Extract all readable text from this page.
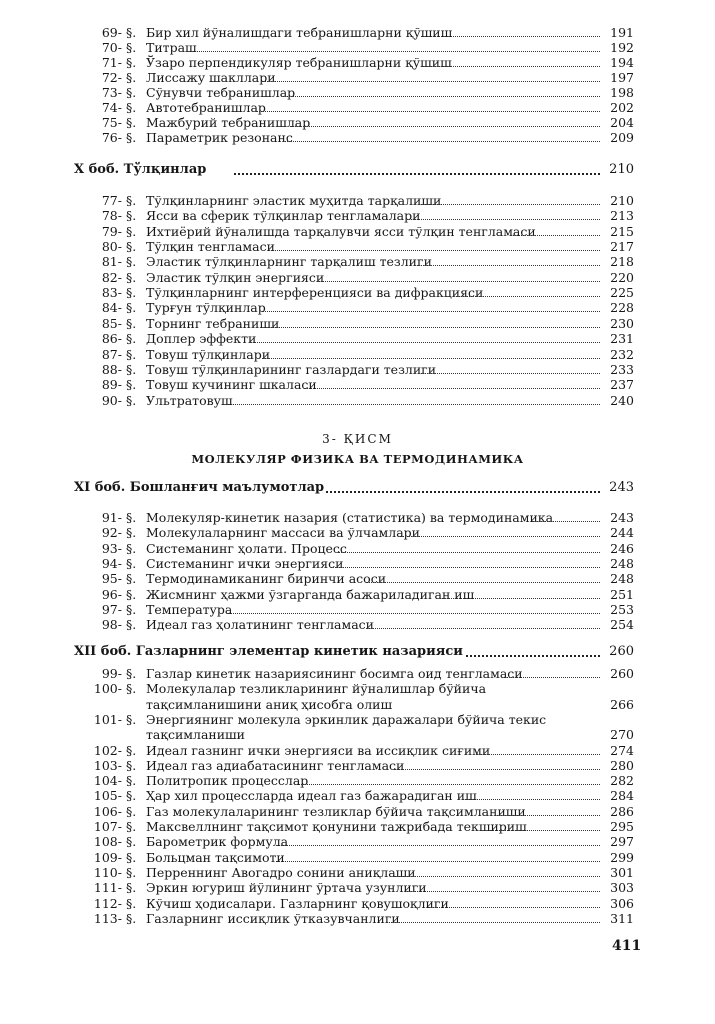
69- §. Бир хил йўналишдаги тебранишларни қўшиш	191
70- §. Титраш	192
71- §. Ўзаро перпендикуляр тебранишларни қўшиш	194
72- §. Лиссажу шакллари	197
73- §. Сўнувчи тебранишлар	198
74- §. Автотебранишлар	202
75- §. Мажбурий тебранишлар	204
76- §. Параметрик резонанс	209
X боб. Тўлқинлар	210
77- §. Тўлқинларнинг эластик муҳитда тарқалиши	210
78- §. Ясси ва сферик тўлқинлар тенгламалари	213
79- §. Ихтиёрий йўналишда тарқалувчи ясси тўлқин тенгламаси	215
80- §. Тўлқин тенгламаси	217
81- §. Эластик тўлқинларнинг тарқалиш тезлиги	218
82- §. Эластик тўлқин энергияси	220
83- §. Тўлқинларнинг интерференцияси ва дифракцияси	225
84- §. Турғун тўлқинлар	228
85- §. Торнинг тебраниши	230
86- §. Доплер эффекти	231
87- §. Товуш тўлқинлари	232
88- §. Товуш тўлқинларининг газлардаги тезлиги	233
89- §. Товуш кучининг шкаласи	237
90- §. Ультратовуш	240
3- ҚИСМ
МОЛЕКУЛЯР ФИЗИКА ВА ТЕРМОДИНАМИКА
XI боб. Бошланғич маълумотлар	243
91- §. Молекуляр-кинетик назария (статистика) ва термодинамика	243
92- §. Молекулаларнинг массаси ва ўлчамлари	244
93- §. Системанинг ҳолати. Процесс	246
94- §. Системанинг ички энергияси	248
95- §. Термодинамиканинг биринчи асоси	248
96- §. Жисмнинг ҳажми ўзгарганда бажариладиган иш	251
97- §. Температура	253
98- §. Идеал газ ҳолатининг тенгламаси	254
XII боб. Газларнинг элементар кинетик назарияси	260
99- §. Газлар кинетик назариясининг босимга оид тенгламаси	260
100- §. Молекулалар тезликларининг йўналишлар бўйича
тақсимланишини аниқ ҳисобга олиш	266
101- §. Энергиянинг молекула эркинлик даражалари бўйича текис
тақсимланиши	270
102- §. Идеал газнинг ички энергияси ва иссиқлик сиғими	274
103- §. Идеал газ адиабатасининг тенгламаси	280
104- §. Политропик процесслар	282
105- §. Ҳар хил процессларда идеал газ бажарадиган иш	284
106- §. Газ молекулаларининг тезликлар бўйича тақсимланиши	286
107- §. Максвеллнинг тақсимот қонунини тажрибада текшириш	295
108- §. Барометрик формула	297
109- §. Больцман тақсимоти	299
110- §. Перреннинг Авогадро сонини аниқлаши	301
111- §. Эркин югуриш йўлининг ўртача узунлиги	303
112- §. Кўчиш ҳодисалари. Газларнинг қовушоқлиги	306
113- §. Газларнинг иссиқлик ўтказувчанлиги	311
411
